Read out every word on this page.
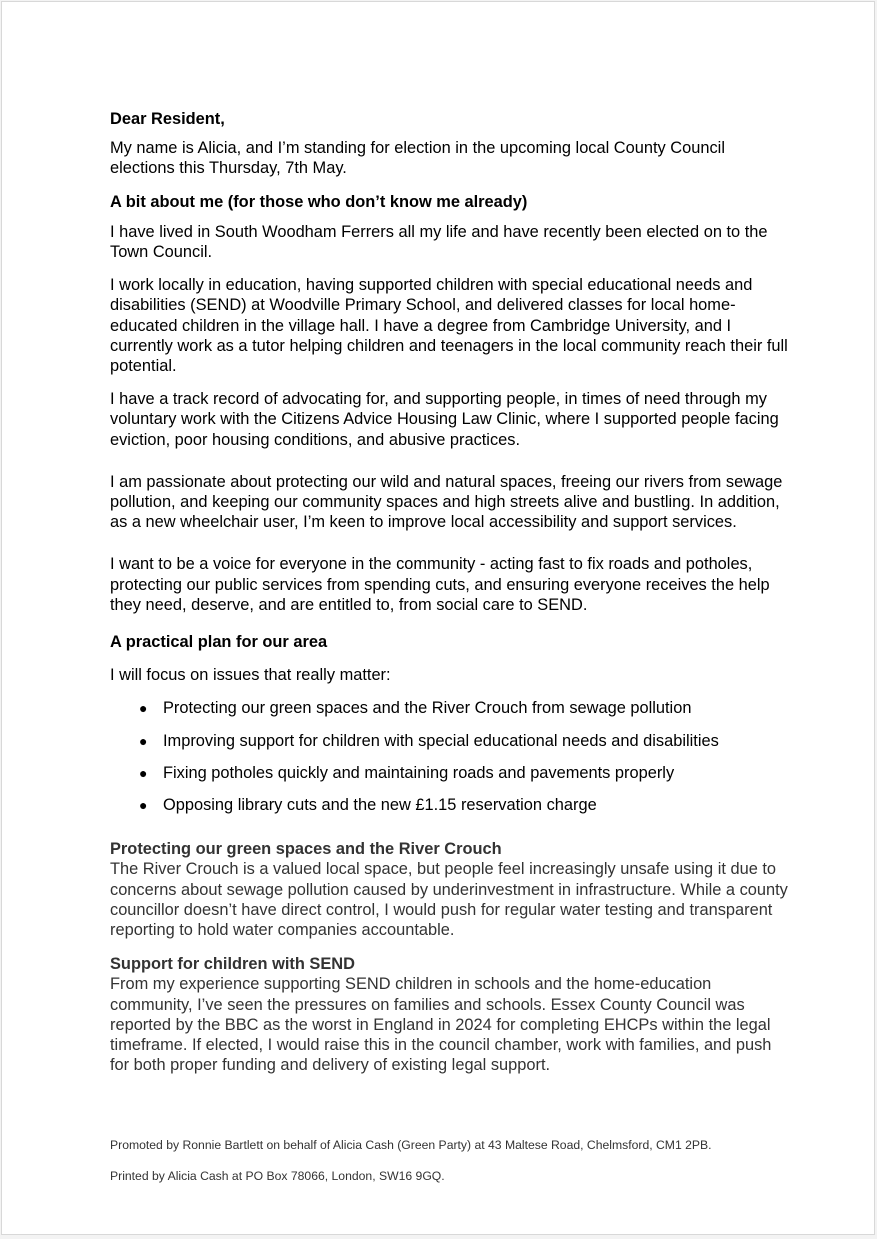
Dear Resident,

My name is Alicia, and I’m standing for election in the upcoming local County Council elections this Thursday, 7th May.

A bit about me (for those who don’t know me already)

I have lived in South Woodham Ferrers all my life and have recently been elected on to the Town Council.

I work locally in education, having supported children with special educational needs and disabilities (SEND) at Woodville Primary School, and delivered classes for local home-educated children in the village hall. I have a degree from Cambridge University, and I currently work as a tutor helping children and teenagers in the local community reach their full potential.

I have a track record of advocating for, and supporting people, in times of need through my voluntary work with the Citizens Advice Housing Law Clinic, where I supported people facing eviction, poor housing conditions, and abusive practices.

I am passionate about protecting our wild and natural spaces, freeing our rivers from sewage pollution, and keeping our community spaces and high streets alive and bustling. In addition, as a new wheelchair user, I’m keen to improve local accessibility and support services.

I want to be a voice for everyone in the community - acting fast to fix roads and potholes, protecting our public services from spending cuts, and ensuring everyone receives the help they need, deserve, and are entitled to, from social care to SEND.

A practical plan for our area

I will focus on issues that really matter:

● Protecting our green spaces and the River Crouch from sewage pollution
● Improving support for children with special educational needs and disabilities
● Fixing potholes quickly and maintaining roads and pavements properly
● Opposing library cuts and the new £1.15 reservation charge

Protecting our green spaces and the River Crouch

The River Crouch is a valued local space, but people feel increasingly unsafe using it due to concerns about sewage pollution caused by underinvestment in infrastructure. While a county councillor doesn’t have direct control, I would push for regular water testing and transparent reporting to hold water companies accountable.

Support for children with SEND

From my experience supporting SEND children in schools and the home-education community, I’ve seen the pressures on families and schools. Essex County Council was reported by the BBC as the worst in England in 2024 for completing EHCPs within the legal timeframe. If elected, I would raise this in the council chamber, work with families, and push for both proper funding and delivery of existing legal support.

Promoted by Ronnie Bartlett on behalf of Alicia Cash (Green Party) at 43 Maltese Road, Chelmsford, CM1 2PB.

Printed by Alicia Cash at PO Box 78066, London, SW16 9GQ.
